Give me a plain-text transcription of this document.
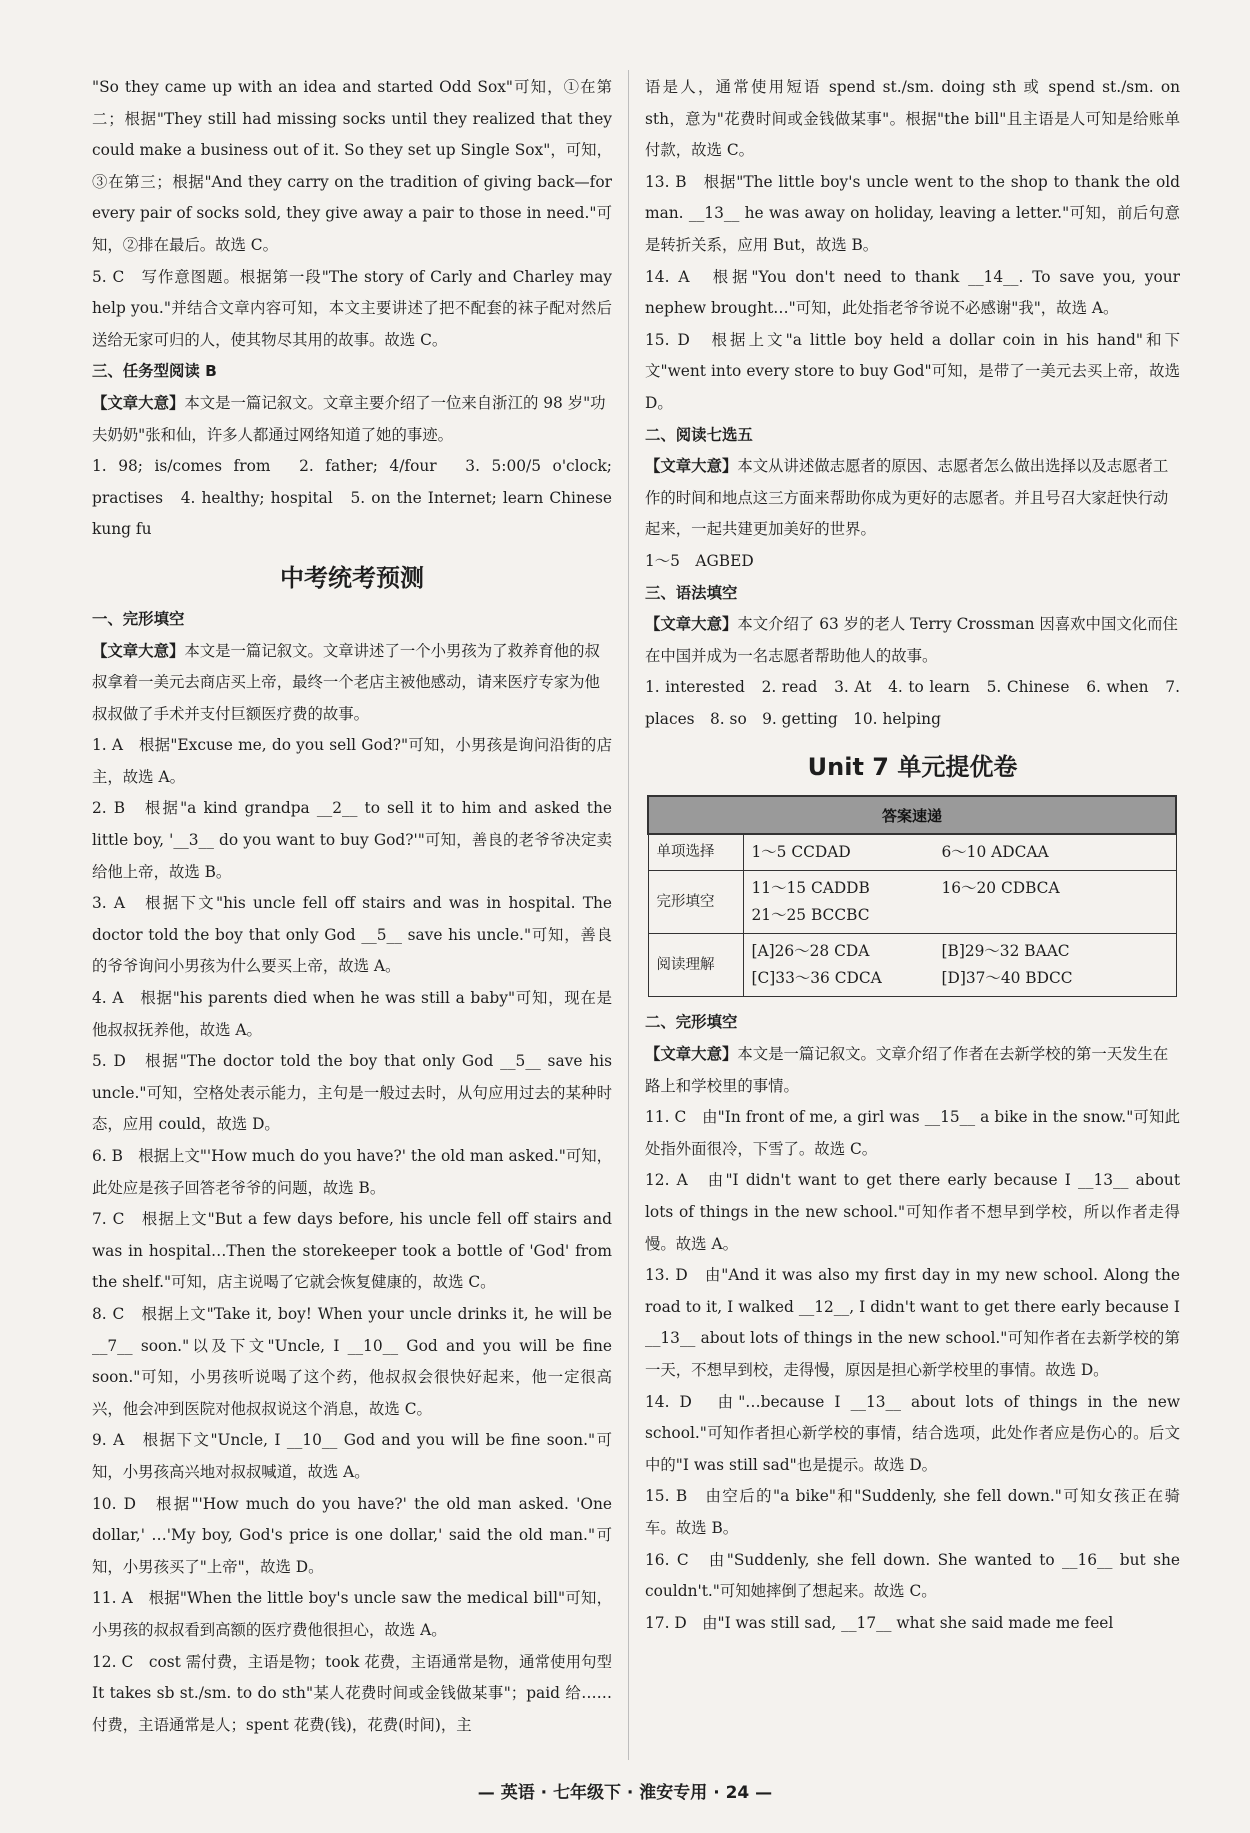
"So they came up with an idea and started Odd Sox"可知，①在第二；根据"They still had missing socks until they realized that they could make a business out of it. So they set up Single Sox"，可知，③在第三；根据"And they carry on the tradition of giving back—for every pair of socks sold, they give away a pair to those in need."可知，②排在最后。故选 C。

5. C　写作意图题。根据第一段"The story of Carly and Charley may help you."并结合文章内容可知，本文主要讲述了把不配套的袜子配对然后送给无家可归的人，使其物尽其用的故事。故选 C。

三、任务型阅读 B

【文章大意】本文是一篇记叙文。文章主要介绍了一位来自浙江的 98 岁"功夫奶奶"张和仙，许多人都通过网络知道了她的事迹。

1. 98; is/comes from　2. father; 4/four　3. 5:00/5 o'clock; practises　4. healthy; hospital　5. on the Internet; learn Chinese kung fu

中考统考预测

一、完形填空

【文章大意】本文是一篇记叙文。文章讲述了一个小男孩为了救养育他的叔叔拿着一美元去商店买上帝，最终一个老店主被他感动，请来医疗专家为他叔叔做了手术并支付巨额医疗费的故事。

1. A　根据"Excuse me, do you sell God?"可知，小男孩是询问沿街的店主，故选 A。

2. B　根据"a kind grandpa __2__ to sell it to him and asked the little boy, '__3__ do you want to buy God?'"可知，善良的老爷爷决定卖给他上帝，故选 B。

3. A　根据下文"his uncle fell off stairs and was in hospital. The doctor told the boy that only God __5__ save his uncle."可知，善良的爷爷询问小男孩为什么要买上帝，故选 A。

4. A　根据"his parents died when he was still a baby"可知，现在是他叔叔抚养他，故选 A。

5. D　根据"The doctor told the boy that only God __5__ save his uncle."可知，空格处表示能力，主句是一般过去时，从句应用过去的某种时态，应用 could，故选 D。

6. B　根据上文"'How much do you have?' the old man asked."可知，此处应是孩子回答老爷爷的问题，故选 B。

7. C　根据上文"But a few days before, his uncle fell off stairs and was in hospital…Then the storekeeper took a bottle of 'God' from the shelf."可知，店主说喝了它就会恢复健康的，故选 C。

8. C　根据上文"Take it, boy! When your uncle drinks it, he will be __7__ soon."以及下文"Uncle, I __10__ God and you will be fine soon."可知，小男孩听说喝了这个药，他叔叔会很快好起来，他一定很高兴，他会冲到医院对他叔叔说这个消息，故选 C。

9. A　根据下文"Uncle, I __10__ God and you will be fine soon."可知，小男孩高兴地对叔叔喊道，故选 A。

10. D　根据"'How much do you have?' the old man asked. 'One dollar,' …'My boy, God's price is one dollar,' said the old man."可知，小男孩买了"上帝"，故选 D。

11. A　根据"When the little boy's uncle saw the medical bill"可知，小男孩的叔叔看到高额的医疗费他很担心，故选 A。

12. C　cost 需付费，主语是物；took 花费，主语通常是物，通常使用句型 It takes sb st./sm. to do sth"某人花费时间或金钱做某事"；paid 给……付费，主语通常是人；spent 花费(钱)，花费(时间)，主

语是人，通常使用短语 spend st./sm. doing sth 或 spend st./sm. on sth，意为"花费时间或金钱做某事"。根据"the bill"且主语是人可知是给账单付款，故选 C。

13. B　根据"The little boy's uncle went to the shop to thank the old man. __13__ he was away on holiday, leaving a letter."可知，前后句意是转折关系，应用 But，故选 B。

14. A　根据"You don't need to thank __14__. To save you, your nephew brought…"可知，此处指老爷爷说不必感谢"我"，故选 A。

15. D　根据上文"a little boy held a dollar coin in his hand"和下文"went into every store to buy God"可知，是带了一美元去买上帝，故选 D。

二、阅读七选五

【文章大意】本文从讲述做志愿者的原因、志愿者怎么做出选择以及志愿者工作的时间和地点这三方面来帮助你成为更好的志愿者。并且号召大家赶快行动起来，一起共建更加美好的世界。

1～5　AGBED

三、语法填空

【文章大意】本文介绍了 63 岁的老人 Terry Crossman 因喜欢中国文化而住在中国并成为一名志愿者帮助他人的故事。

1. interested　2. read　3. At　4. to learn　5. Chinese　6. when　7. places　8. so　9. getting　10. helping

Unit 7 单元提优卷
答案速递	
单项选择	1～5 CCDAD 6～10 ADCAA

完形填空	11～15 CADDB 16～20 CDBCA
21～25 BCCBC

阅读理解	[A]26～28 CDA [B]29～32 BAAC
[C]33～36 CDCA [D]37～40 BDCC

二、完形填空

【文章大意】本文是一篇记叙文。文章介绍了作者在去新学校的第一天发生在路上和学校里的事情。

11. C　由"In front of me, a girl was __15__ a bike in the snow."可知此处指外面很冷，下雪了。故选 C。

12. A　由"I didn't want to get there early because I __13__ about lots of things in the new school."可知作者不想早到学校，所以作者走得慢。故选 A。

13. D　由"And it was also my first day in my new school. Along the road to it, I walked __12__, I didn't want to get there early because I __13__ about lots of things in the new school."可知作者在去新学校的第一天，不想早到校，走得慢，原因是担心新学校里的事情。故选 D。

14. D　由"…because I __13__ about lots of things in the new school."可知作者担心新学校的事情，结合选项，此处作者应是伤心的。后文中的"I was still sad"也是提示。故选 D。

15. B　由空后的"a bike"和"Suddenly, she fell down."可知女孩正在骑车。故选 B。

16. C　由"Suddenly, she fell down. She wanted to __16__ but she couldn't."可知她摔倒了想起来。故选 C。

17. D　由"I was still sad, __17__ what she said made me feel

— 英语 · 七年级下 · 淮安专用 · 24 —
